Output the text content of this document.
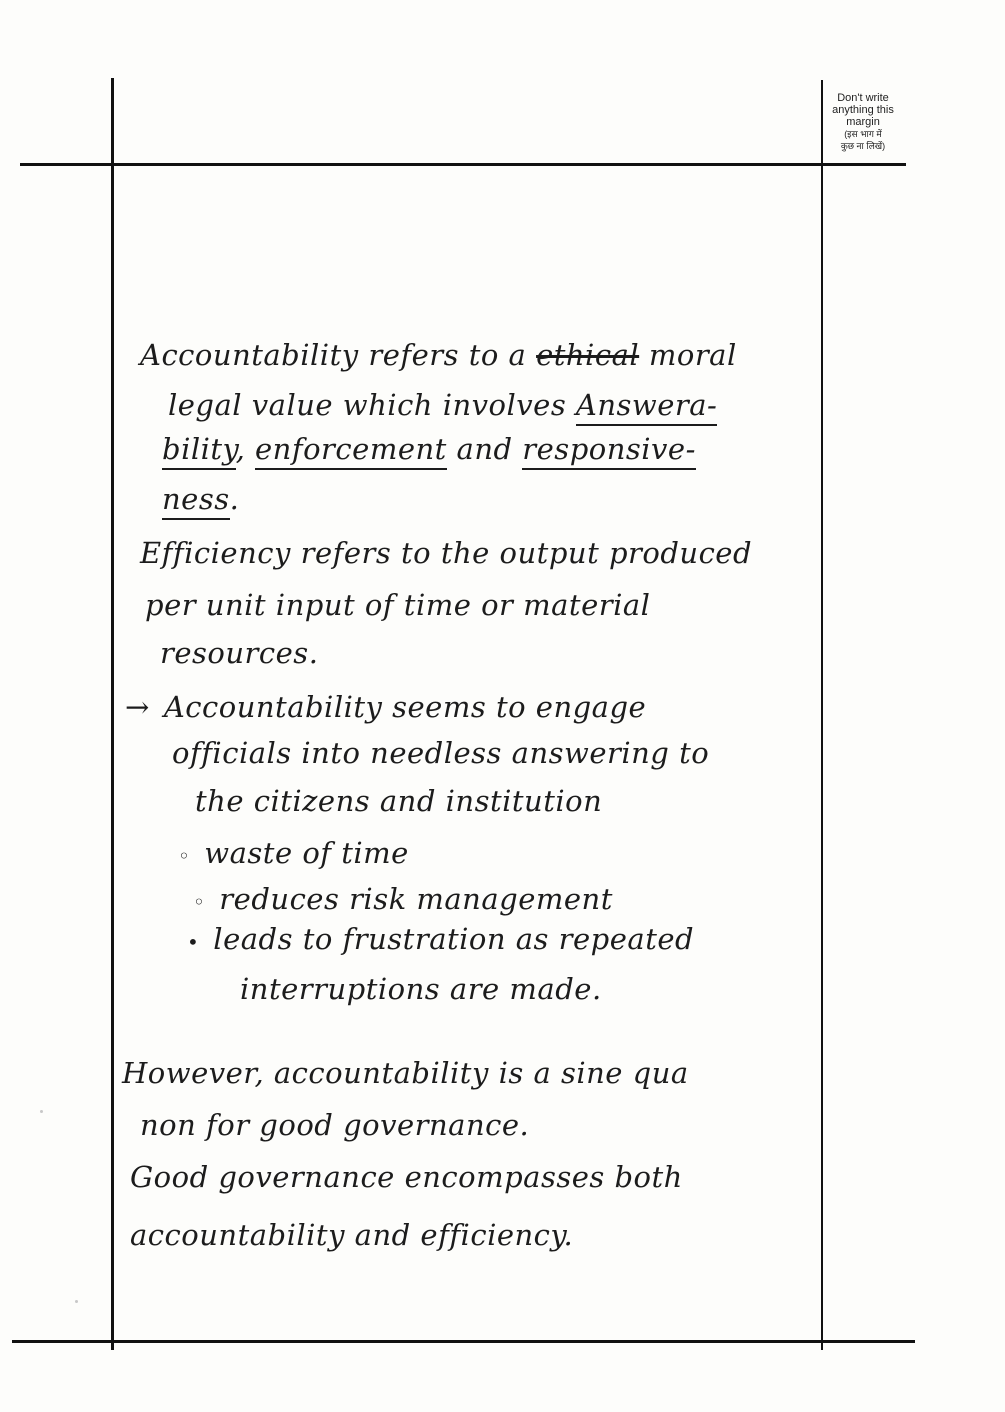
Don't write
anything this
margin
(इस भाग में
कुछ ना लिखें)

Accountability refers to a ethical moral

legal value which involves Answera-

bility, enforcement and responsive-

ness.

Efficiency refers to the output produced

per unit input of time or material

resources.

→ Accountability seems to engage

officials into needless answering to

the citizens and institution

◦ waste of time

◦ reduces risk management

• leads to frustration as repeated

interruptions are made.

However, accountability is a sine qua

non for good governance.

Good governance encompasses both

accountability and efficiency.
